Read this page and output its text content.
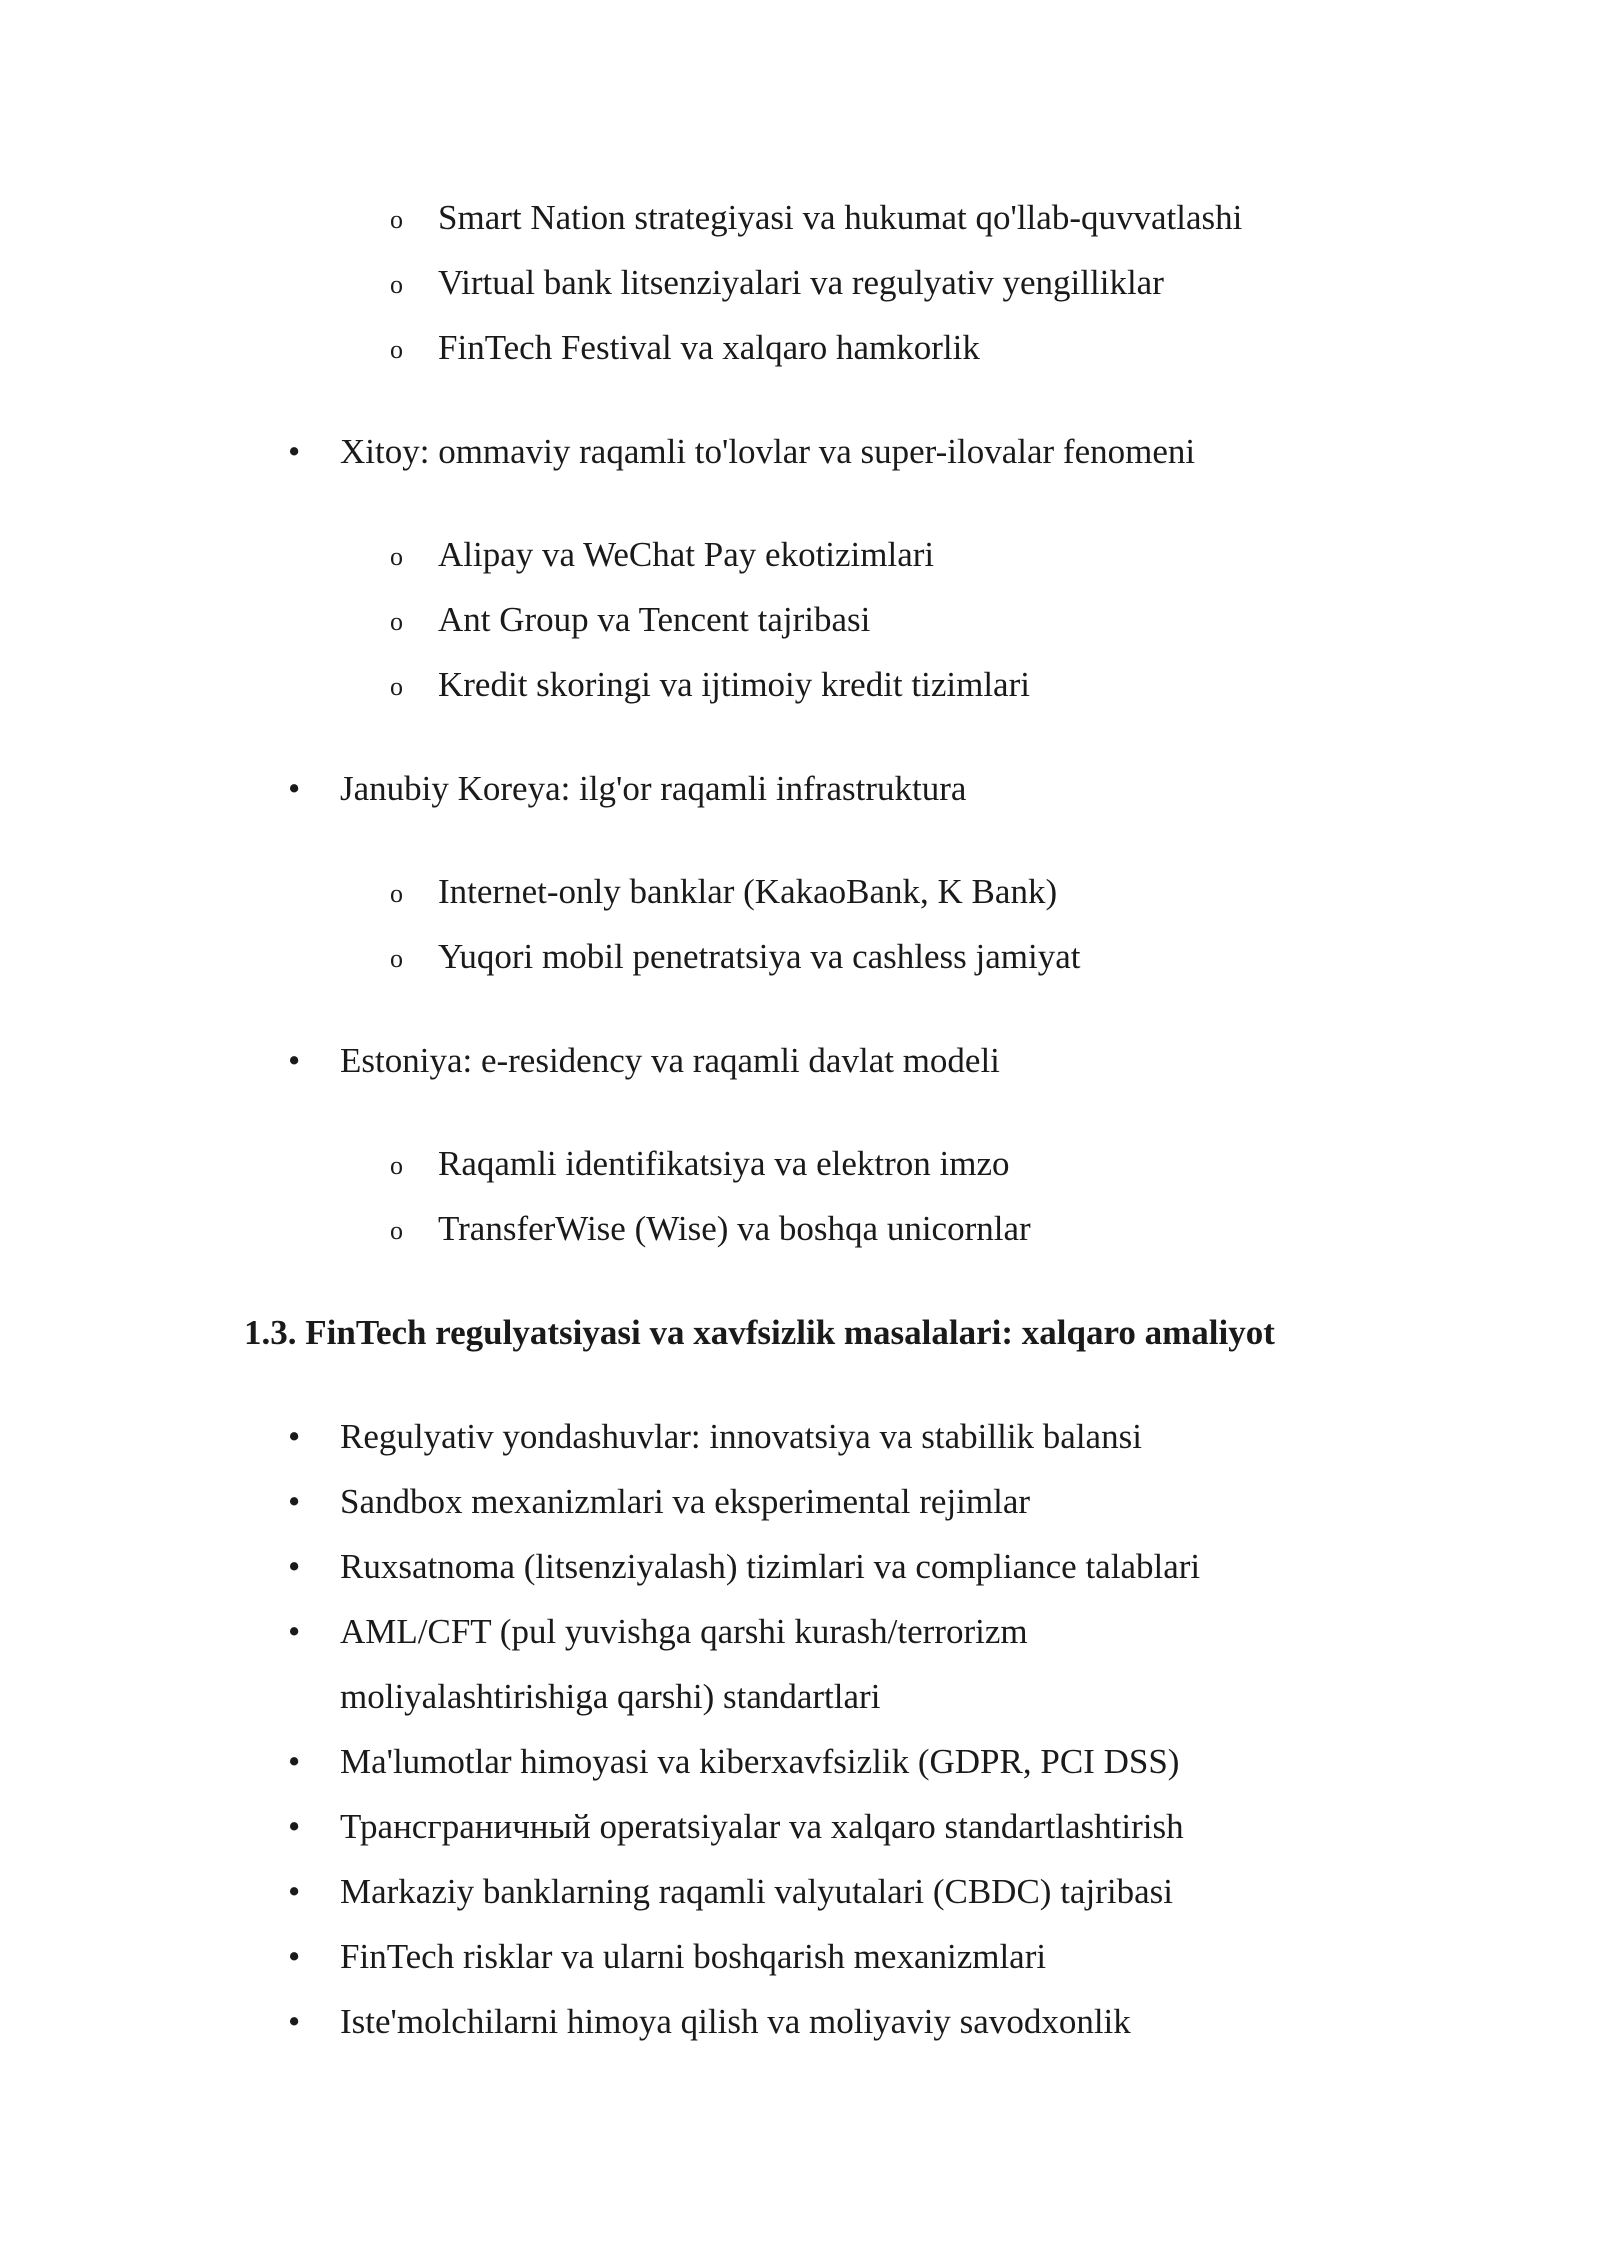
o Smart Nation strategiyasi va hukumat qo'llab-quvvatlashi
o Virtual bank litsenziyalari va regulyativ yengilliklar
o FinTech Festival va xalqaro hamkorlik
• Xitoy: ommaviy raqamli to'lovlar va super-ilovalar fenomeni
o Alipay va WeChat Pay ekotizimlari
o Ant Group va Tencent tajribasi
o Kredit skoringi va ijtimoiy kredit tizimlari
• Janubiy Koreya: ilg'or raqamli infrastruktura
o Internet-only banklar (KakaoBank, K Bank)
o Yuqori mobil penetratsiya va cashless jamiyat
• Estoniya: e-residency va raqamli davlat modeli
o Raqamli identifikatsiya va elektron imzo
o TransferWise (Wise) va boshqa unicornlar
1.3. FinTech regulyatsiyasi va xavfsizlik masalalari: xalqaro amaliyot
• Regulyativ yondashuvlar: innovatsiya va stabillik balansi
• Sandbox mexanizmlari va eksperimental rejimlar
• Ruxsatnoma (litsenziyalash) tizimlari va compliance talablari
• AML/CFT (pul yuvishga qarshi kurash/terrorizm
moliyalashtirishiga qarshi) standartlari
• Ma'lumotlar himoyasi va kiberxavfsizlik (GDPR, PCI DSS)
• Трансграничный operatsiyalar va xalqaro standartlashtirish
• Markaziy banklarning raqamli valyutalari (CBDC) tajribasi
• FinTech risklar va ularni boshqarish mexanizmlari
• Iste'molchilarni himoya qilish va moliyaviy savodxonlik
